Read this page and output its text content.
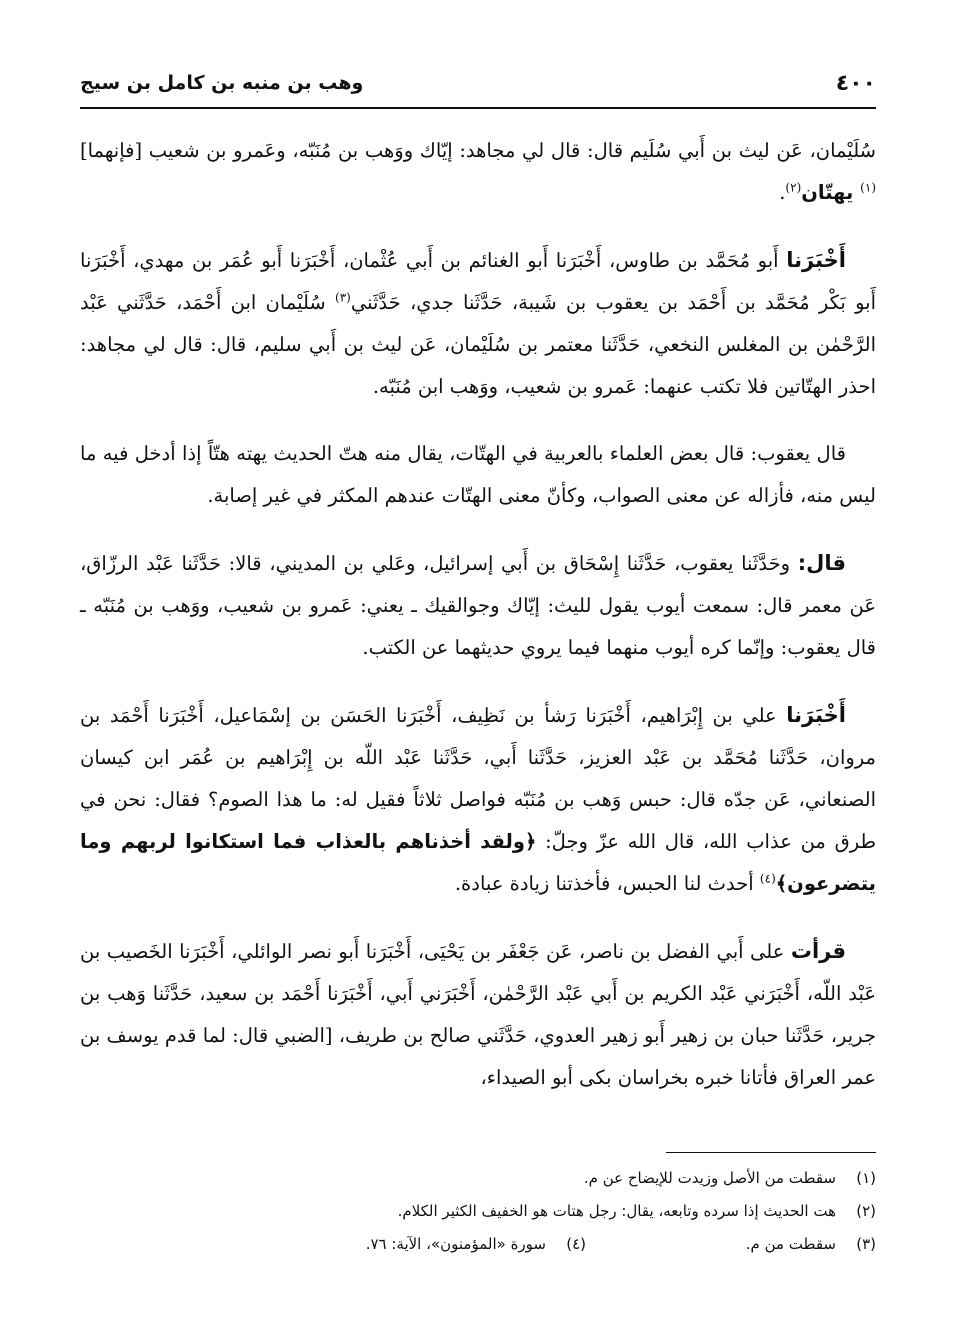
٤٠٠
وهب بن منبه بن كامل بن سيج

سُلَيْمان، عَن ليث بن أَبي سُلَيم قال: قال لي مجاهد: إيّاك ووَهب بن مُنَبّه، وعَمرو بن شعيب [فإنهما]$^{(١)}$ يهتّان$^{(٢)}$.

أَخْبَرَنا أَبو مُحَمَّد بن طاوس، أَخْبَرَنا أَبو الغنائم بن أَبي عُثْمان، أَخْبَرَنا أَبو عُمَر بن مهدي، أَخْبَرَنا أَبو بَكْر مُحَمَّد بن أَحْمَد بن يعقوب بن شَيبة، حَدَّثَنا جدي، حَدَّثَني$^{(٣)}$ سُلَيْمان ابن أَحْمَد، حَدَّثَني عَبْد الرَّحْمٰن بن المغلس النخعي، حَدَّثَنا معتمر بن سُلَيْمان، عَن ليث بن أَبي سليم، قال: قال لي مجاهد: احذر الهتّاتين فلا تكتب عنهما: عَمرو بن شعيب، ووَهب ابن مُنَبّه.

قال يعقوب: قال بعض العلماء بالعربية في الهتّات، يقال منه هتّ الحديث يهته هتّاً إذا أدخل فيه ما ليس منه، فأزاله عن معنى الصواب، وكأنّ معنى الهتّات عندهم المكثر في غير إصابة.

قال: وحَدَّثَنا يعقوب، حَدَّثَنا إِسْحَاق بن أَبي إسرائيل، وعَلي بن المديني، قالا: حَدَّثَنا عَبْد الرزّاق، عَن معمر قال: سمعت أيوب يقول لليث: إيّاك وجوالقيك ـ يعني: عَمرو بن شعيب، ووَهب بن مُنَبّه ـ قال يعقوب: وإنّما كره أيوب منهما فيما يروي حديثهما عن الكتب.

أَخْبَرَنا علي بن إِبْرَاهيم، أَخْبَرَنا رَشأ بن نَظِيف، أَخْبَرَنا الحَسَن بن إسْمَاعيل، أَخْبَرَنا أَحْمَد بن مروان، حَدَّثَنا مُحَمَّد بن عَبْد العزيز، حَدَّثَنا أَبي، حَدَّثَنا عَبْد اللّه بن إِبْرَاهيم بن عُمَر ابن كيسان الصنعاني، عَن جدّه قال: حبس وَهب بن مُنَبّه فواصل ثلاثاً فقيل له: ما هذا الصوم؟ فقال: نحن في طرق من عذاب الله، قال الله عزّ وجلّ: ﴿ولقد أخذناهم بالعذاب فما استكانوا لربهم وما يتضرعون﴾$^{(٤)}$ أحدث لنا الحبس، فأخذتنا زيادة عبادة.

قرأت على أَبي الفضل بن ناصر، عَن جَعْفَر بن يَحْيَى، أَخْبَرَنا أَبو نصر الوائلي، أَخْبَرَنا الخَصيب بن عَبْد اللّه، أَخْبَرَني عَبْد الكريم بن أَبي عَبْد الرَّحْمٰن، أَخْبَرَني أَبي، أَخْبَرَنا أَحْمَد بن سعيد، حَدَّثَنا وَهب بن جرير، حَدَّثَنا حبان بن زهير أَبو زهير العدوي، حَدَّثَني صالح بن طريف، [الضبي قال: لما قدم يوسف بن عمر العراق فأتانا خبره بخراسان بكى أبو الصيداء،

(١)
سقطت من الأصل وزيدت للإيضاح عن م.
(٢)
هت الحديث إذا سرده وتابعه، يقال: رجل هتات هو الخفيف الكثير الكلام.
(٣)
سقطت من م.
(٤)
سورة «المؤمنون»، الآية: ٧٦.
